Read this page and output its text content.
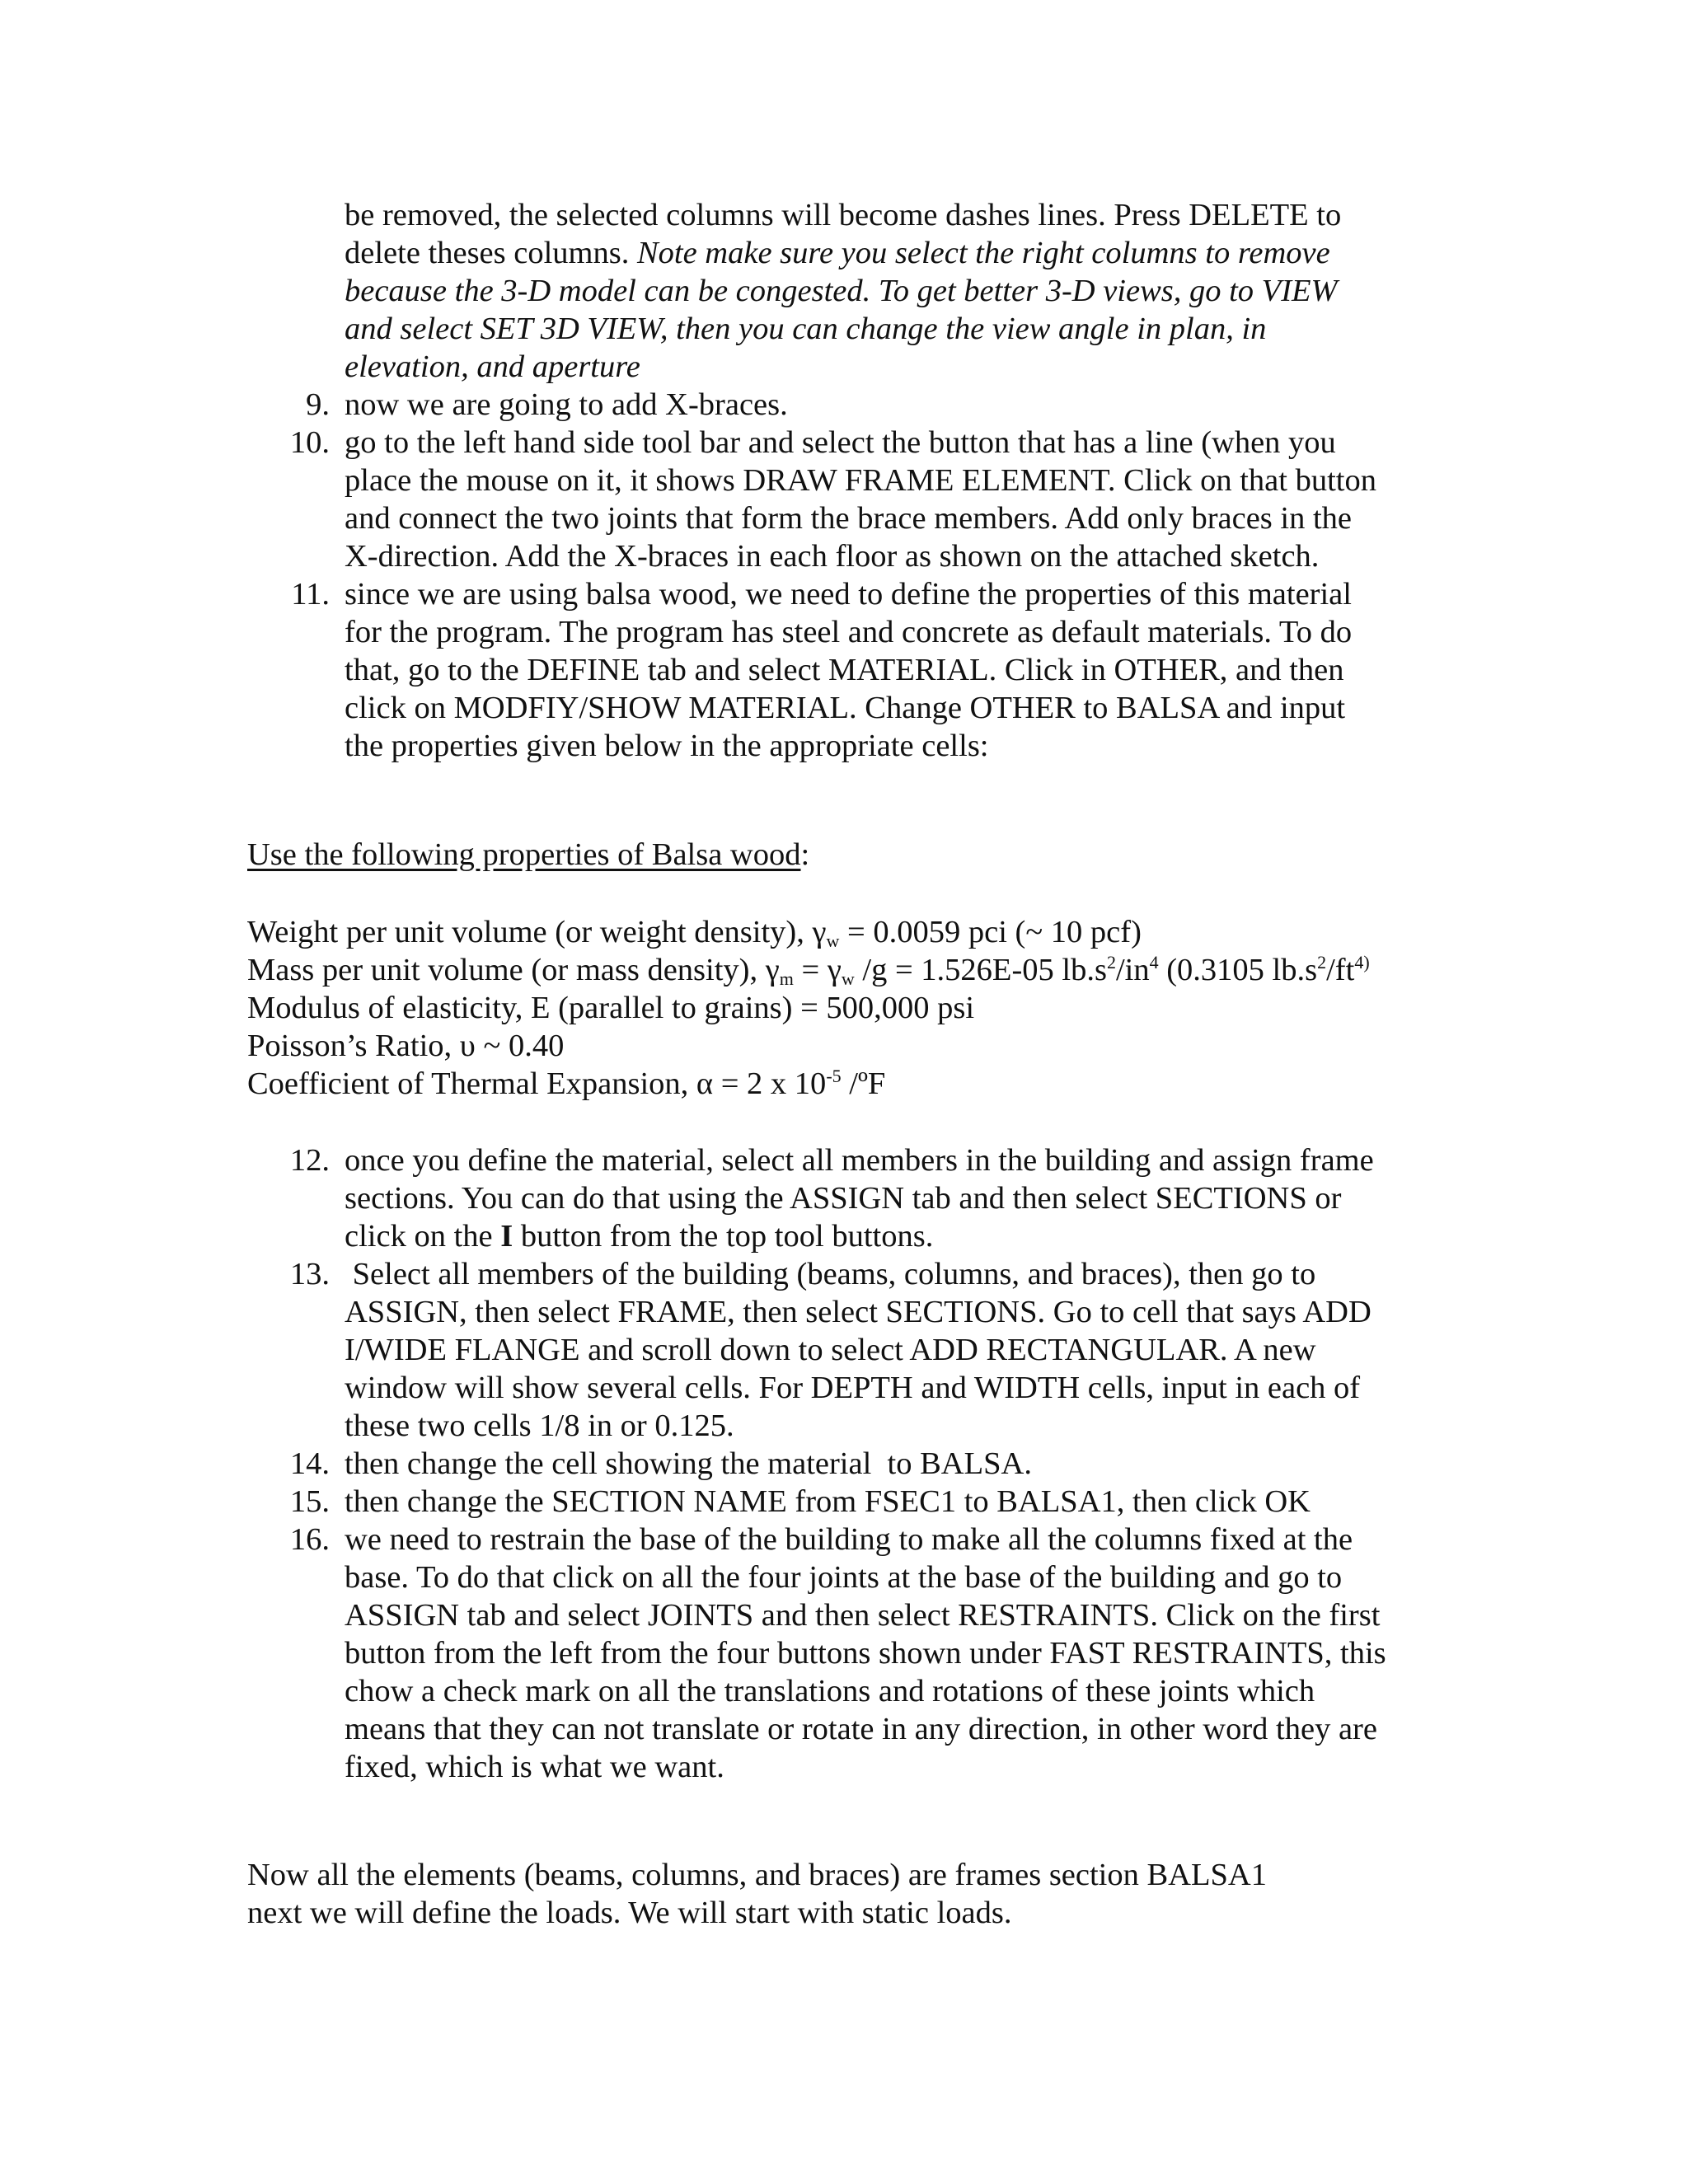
be removed, the selected columns will become dashes lines. Press DELETE to
delete theses columns. Note make sure you select the right columns to remove
because the 3-D model can be congested. To get better 3-D views, go to VIEW
and select SET 3D VIEW, then you can change the view angle in plan, in
elevation, and aperture
9. now we are going to add X-braces.
10. go to the left hand side tool bar and select the button that has a line (when you
place the mouse on it, it shows DRAW FRAME ELEMENT. Click on that button
and connect the two joints that form the brace members. Add only braces in the
X-direction. Add the X-braces in each floor as shown on the attached sketch.
11. since we are using balsa wood, we need to define the properties of this material
for the program. The program has steel and concrete as default materials. To do
that, go to the DEFINE tab and select MATERIAL. Click in OTHER, and then
click on MODFIY/SHOW MATERIAL. Change OTHER to BALSA and input
the properties given below in the appropriate cells:
Use the following properties of Balsa wood:
Weight per unit volume (or weight density), $\gamma_w = 0.0059$ pci (~ 10 pcf)
Mass per unit volume (or mass density), $\gamma_m = \gamma_w$ /g = 1.526E-05 $lb.s^2/in^4$ (0.3105 $lb.s^2/ft^{4)}$
Modulus of elasticity, E (parallel to grains) = 500,000 psi
Poisson’s Ratio, υ ~ 0.40
Coefficient of Thermal Expansion, α = 2 x $10^{-5}$ /ºF
12. once you define the material, select all members in the building and assign frame
sections. You can do that using the ASSIGN tab and then select SECTIONS or
click on the I button from the top tool buttons.
13. Select all members of the building (beams, columns, and braces), then go to
ASSIGN, then select FRAME, then select SECTIONS. Go to cell that says ADD
I/WIDE FLANGE and scroll down to select ADD RECTANGULAR. A new
window will show several cells. For DEPTH and WIDTH cells, input in each of
these two cells 1/8 in or 0.125.
14. then change the cell showing the material  to BALSA.
15. then change the SECTION NAME from FSEC1 to BALSA1, then click OK
16. we need to restrain the base of the building to make all the columns fixed at the
base. To do that click on all the four joints at the base of the building and go to
ASSIGN tab and select JOINTS and then select RESTRAINTS. Click on the first
button from the left from the four buttons shown under FAST RESTRAINTS, this
chow a check mark on all the translations and rotations of these joints which
means that they can not translate or rotate in any direction, in other word they are
fixed, which is what we want.
Now all the elements (beams, columns, and braces) are frames section BALSA1
next we will define the loads. We will start with static loads.
